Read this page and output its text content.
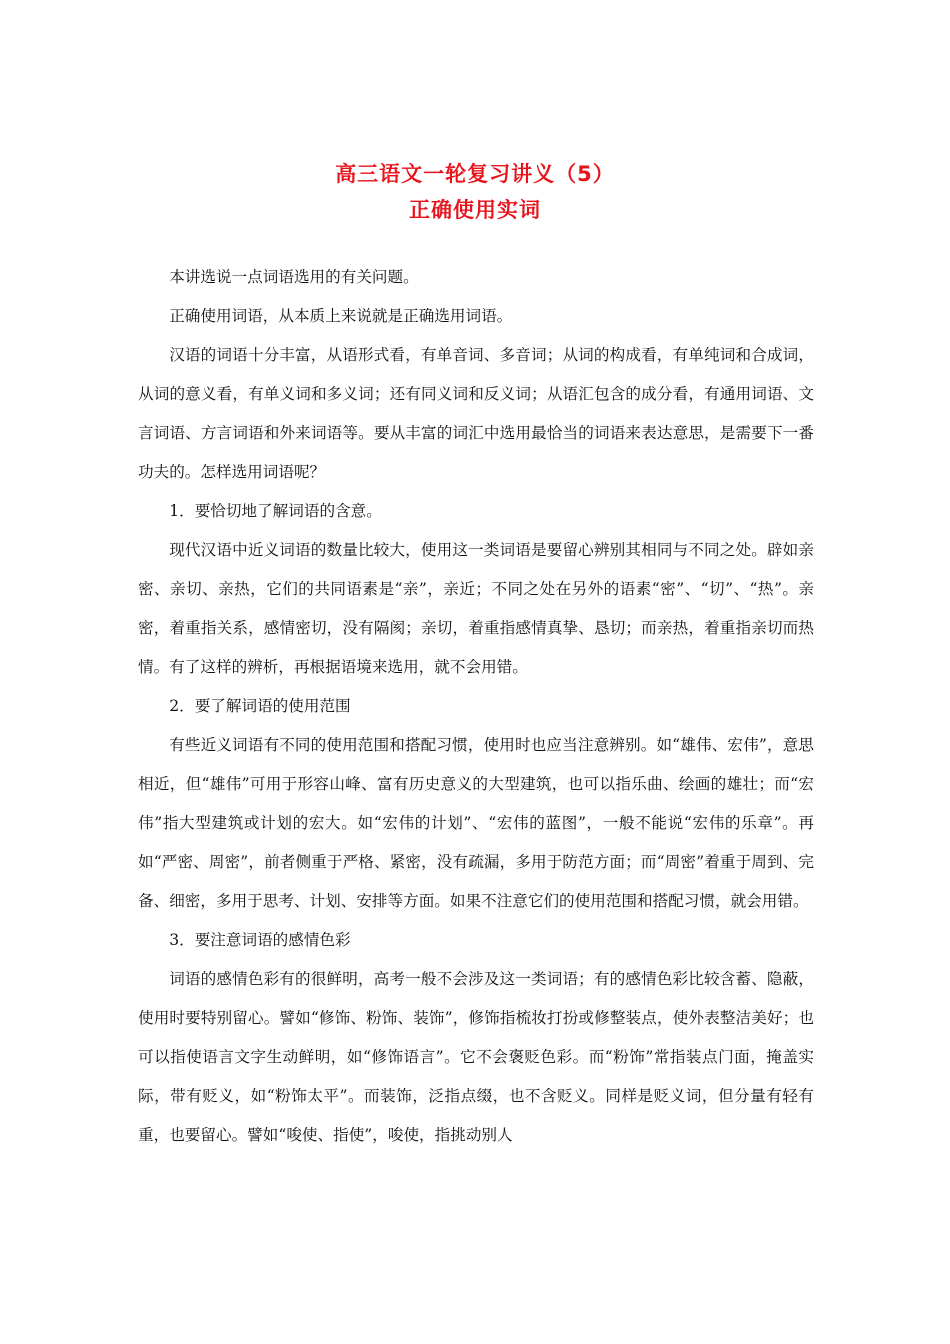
高三语文一轮复习讲义（5）
正确使用实词

本讲选说一点词语选用的有关问题。

正确使用词语，从本质上来说就是正确选用词语。

汉语的词语十分丰富，从语形式看，有单音词、多音词；从词的构成看，有单纯词和合成词，从词的意义看，有单义词和多义词；还有同义词和反义词；从语汇包含的成分看，有通用词语、文言词语、方言词语和外来词语等。要从丰富的词汇中选用最恰当的词语来表达意思，是需要下一番功夫的。怎样选用词语呢？

1．要恰切地了解词语的含意。

现代汉语中近义词语的数量比较大，使用这一类词语是要留心辨别其相同与不同之处。辟如亲密、亲切、亲热，它们的共同语素是“亲”，亲近；不同之处在另外的语素“密”、“切”、“热”。亲密，着重指关系，感情密切，没有隔阂；亲切，着重指感情真挚、恳切；而亲热，着重指亲切而热情。有了这样的辨析，再根据语境来选用，就不会用错。

2．要了解词语的使用范围

有些近义词语有不同的使用范围和搭配习惯，使用时也应当注意辨别。如“雄伟、宏伟”，意思相近，但“雄伟”可用于形容山峰、富有历史意义的大型建筑，也可以指乐曲、绘画的雄壮；而“宏伟”指大型建筑或计划的宏大。如“宏伟的计划”、“宏伟的蓝图”，一般不能说“宏伟的乐章”。再如“严密、周密”，前者侧重于严格、紧密，没有疏漏，多用于防范方面；而“周密”着重于周到、完备、细密，多用于思考、计划、安排等方面。如果不注意它们的使用范围和搭配习惯，就会用错。

3．要注意词语的感情色彩

词语的感情色彩有的很鲜明，高考一般不会涉及这一类词语；有的感情色彩比较含蓄、隐蔽，使用时要特别留心。譬如“修饰、粉饰、装饰”，修饰指梳妆打扮或修整装点，使外表整洁美好；也可以指使语言文字生动鲜明，如“修饰语言”。它不会褒贬色彩。而“粉饰”常指装点门面，掩盖实际，带有贬义，如“粉饰太平”。而装饰，泛指点缀，也不含贬义。同样是贬义词，但分量有轻有重，也要留心。譬如“唆使、指使”，唆使，指挑动别人
